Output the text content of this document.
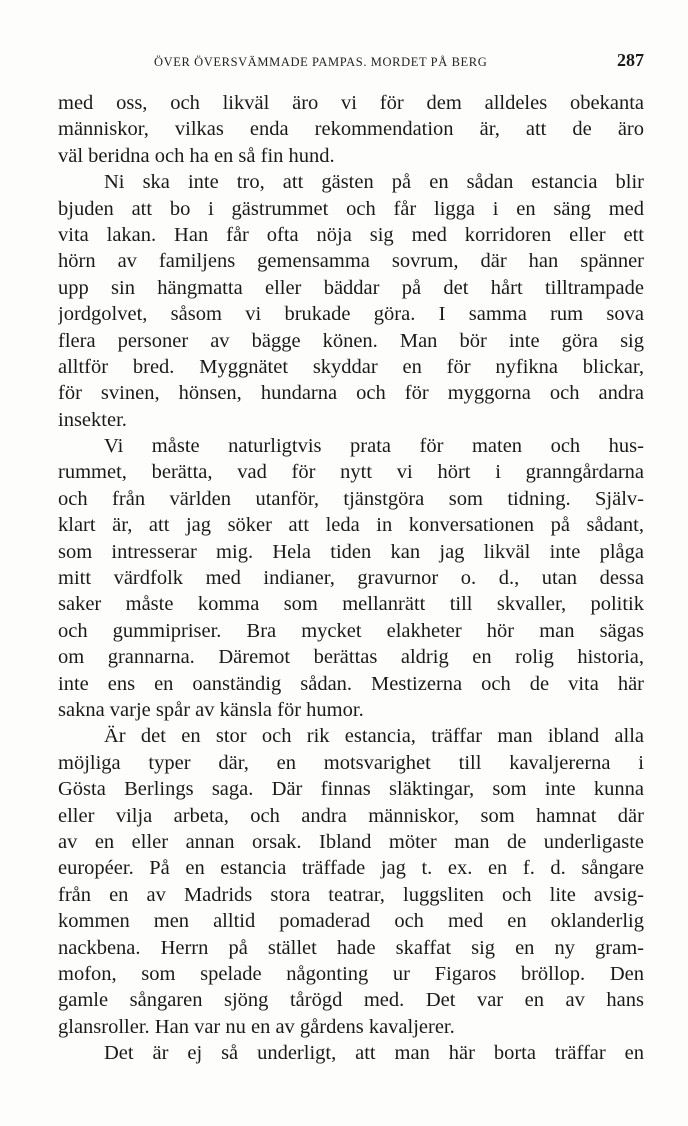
ÖVER ÖVERSVÄMMADE PAMPAS. MORDET PÅ BERG	287
med oss, och likväl äro vi för dem alldeles obekanta
människor, vilkas enda rekommendation är, att de äro
väl beridna och ha en så fin hund.
Ni ska inte tro, att gästen på en sådan estancia blir
bjuden att bo i gästrummet och får ligga i en säng med
vita lakan. Han får ofta nöja sig med korridoren eller ett
hörn av familjens gemensamma sovrum, där han spänner
upp sin hängmatta eller bäddar på det hårt tilltrampade
jordgolvet, såsom vi brukade göra. I samma rum sova
flera personer av bägge könen. Man bör inte göra sig
alltför bred. Myggnätet skyddar en för nyfikna blickar,
för svinen, hönsen, hundarna och för myggorna och andra
insekter.
Vi måste naturligtvis prata för maten och hus-
rummet, berätta, vad för nytt vi hört i granngårdarna
och från världen utanför, tjänstgöra som tidning. Själv-
klart är, att jag söker att leda in konversationen på sådant,
som intresserar mig. Hela tiden kan jag likväl inte plåga
mitt värdfolk med indianer, gravurnor o. d., utan dessa
saker måste komma som mellanrätt till skvaller, politik
och gummipriser. Bra mycket elakheter hör man sägas
om grannarna. Däremot berättas aldrig en rolig historia,
inte ens en oanständig sådan. Mestizerna och de vita här
sakna varje spår av känsla för humor.
Är det en stor och rik estancia, träffar man ibland alla
möjliga typer där, en motsvarighet till kavaljererna i
Gösta Berlings saga. Där finnas släktingar, som inte kunna
eller vilja arbeta, och andra människor, som hamnat där
av en eller annan orsak. Ibland möter man de underligaste
européer. På en estancia träffade jag t. ex. en f. d. sångare
från en av Madrids stora teatrar, luggsliten och lite avsig-
kommen men alltid pomaderad och med en oklanderlig
nackbena. Herrn på stället hade skaffat sig en ny gram-
mofon, som spelade någonting ur Figaros bröllop. Den
gamle sångaren sjöng tårögd med. Det var en av hans
glansroller. Han var nu en av gårdens kavaljerer.
Det är ej så underligt, att man här borta träffar en
